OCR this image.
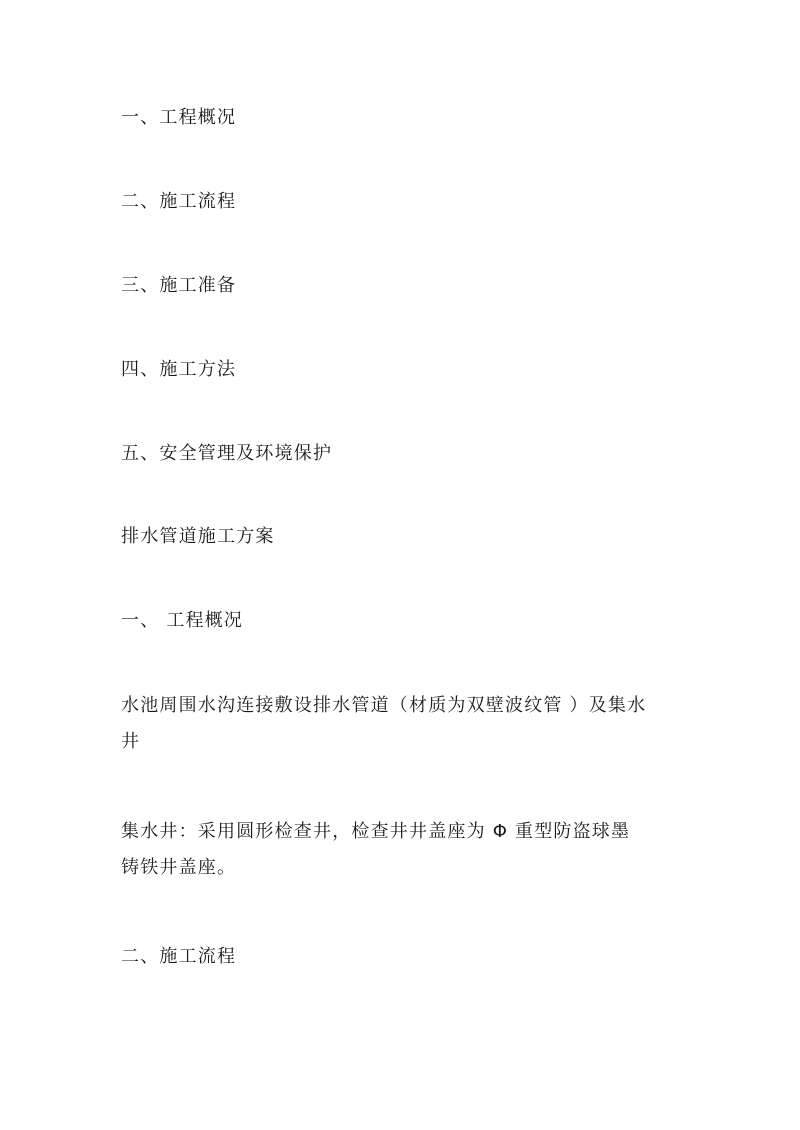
一、工程概况
二、施工流程
三、施工准备
四、施工方法
五、安全管理及环境保护
排水管道施工方案
一、 工程概况
水池周围水沟连接敷设排水管道（材质为双壁波纹管 ）及集水
井
集水井：采用圆形检查井，检查井井盖座为 Φ 重型防盗球墨
铸铁井盖座。
二、施工流程
